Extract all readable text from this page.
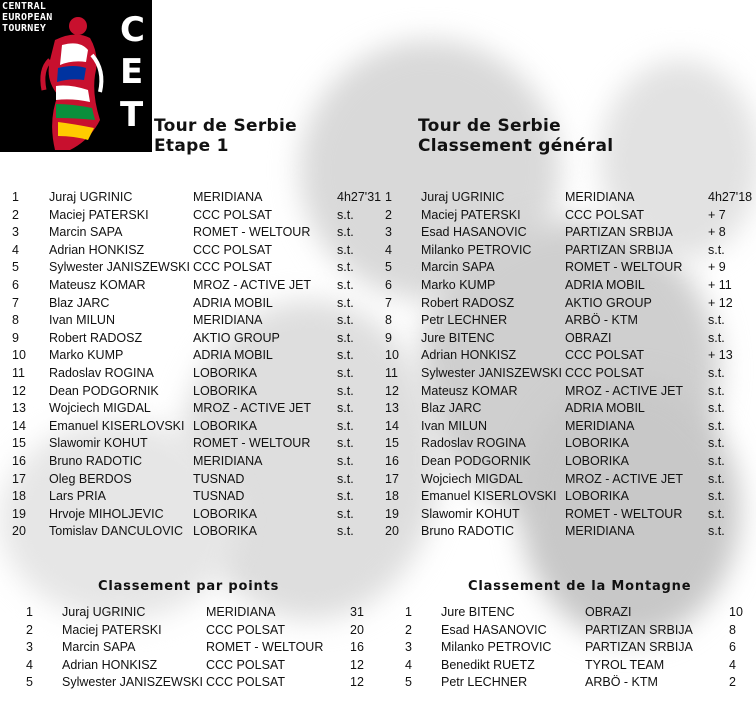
CENTRAL
EUROPEAN
TOURNEY C
E
T Tour de Serbie
Etape 1
Tour de Serbie
Classement général
1 Juraj UGRINIC	MERIDIANA	4h27'31
2 Maciej PATERSKI	CCC POLSAT	s.t.
3 Marcin SAPA	ROMET - WELTOUR s.t.
4 Adrian HONKISZ	CCC POLSAT	s.t.
5 Sylwester JANISZEWSKI CCC POLSAT	s.t.
6 Mateusz KOMAR	MROZ - ACTIVE JET s.t.
7 Blaz JARC	ADRIA MOBIL	s.t.
8 Ivan MILUN	MERIDIANA	s.t.
9 Robert RADOSZ	AKTIO GROUP	s.t.
10 Marko KUMP	ADRIA MOBIL	s.t.
11 Radoslav ROGINA	LOBORIKA	s.t.
12 Dean PODGORNIK	LOBORIKA	s.t.
13 Wojciech MIGDAL	MROZ - ACTIVE JET s.t.
14 Emanuel KISERLOVSKI LOBORIKA	s.t.
15 Slawomir KOHUT	ROMET - WELTOUR s.t.
16 Bruno RADOTIC	MERIDIANA	s.t.
17 Oleg BERDOS	TUSNAD	s.t.
18 Lars PRIA	TUSNAD	s.t.
19 Hrvoje MIHOLJEVIC LOBORIKA	s.t.
20 Tomislav DANCULOVIC LOBORIKA	s.t.
1 Juraj UGRINIC	MERIDIANA	4h27'18
2 Maciej PATERSKI	CCC POLSAT	+ 7
3 Esad HASANOVIC	PARTIZAN SRBIJA	+ 8
4 Milanko PETROVIC	PARTIZAN SRBIJA	s.t.
5 Marcin SAPA	ROMET - WELTOUR + 9
6 Marko KUMP	ADRIA MOBIL	+ 11
7 Robert RADOSZ	AKTIO GROUP	+ 12
8 Petr LECHNER	ARBÖ - KTM	s.t.
9 Jure BITENC	OBRAZI	s.t.
10 Adrian HONKISZ	CCC POLSAT	+ 13
11 Sylwester JANISZEWSKI CCC POLSAT	s.t.
12 Mateusz KOMAR	MROZ - ACTIVE JET s.t.
13 Blaz JARC	ADRIA MOBIL	s.t.
14 Ivan MILUN	MERIDIANA	s.t.
15 Radoslav ROGINA	LOBORIKA	s.t.
16 Dean PODGORNIK	LOBORIKA	s.t.
17 Wojciech MIGDAL	MROZ - ACTIVE JET s.t.
18 Emanuel KISERLOVSKI LOBORIKA	s.t.
19 Slawomir KOHUT	ROMET - WELTOUR s.t.
20 Bruno RADOTIC	MERIDIANA	s.t.
Classement par points	Classement de la Montagne
1 Juraj UGRINIC	MERIDIANA	31
2 Maciej PATERSKI	CCC POLSAT	20
3 Marcin SAPA	ROMET - WELTOUR 16
4 Adrian HONKISZ	CCC POLSAT	12
5 Sylwester JANISZEWSKI CCC POLSAT	12
1 Jure BITENC	OBRAZI	10
2 Esad HASANOVIC	PARTIZAN SRBIJA	8
3 Milanko PETROVIC	PARTIZAN SRBIJA	6
4 Benedikt RUETZ	TYROL TEAM	4
5 Petr LECHNER	ARBÖ - KTM	2
